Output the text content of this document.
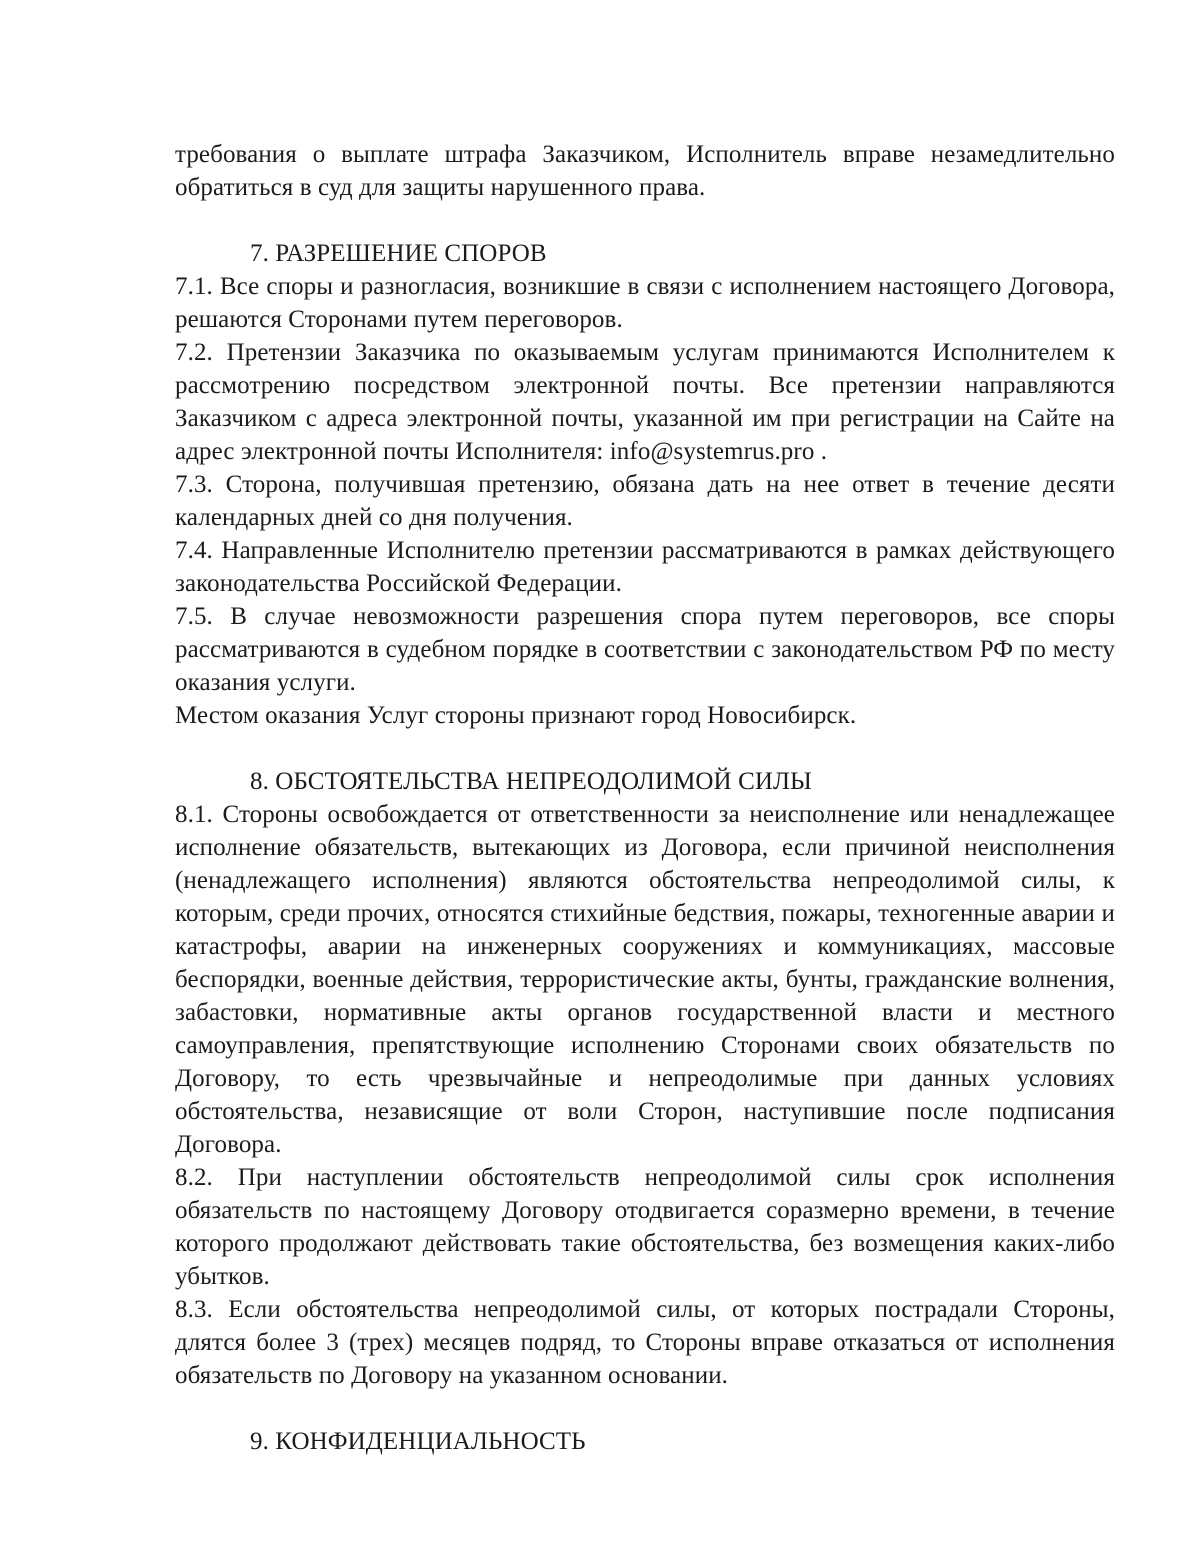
требования о выплате штрафа Заказчиком, Исполнитель вправе незамедлительно обратиться в суд для защиты нарушенного права.

7. РАЗРЕШЕНИЕ СПОРОВ

7.1. Все споры и разногласия, возникшие в связи с исполнением настоящего Договора, решаются Сторонами путем переговоров.

7.2. Претензии Заказчика по оказываемым услугам принимаются Исполнителем к рассмотрению посредством электронной почты. Все претензии направляются Заказчиком с адреса электронной почты, указанной им при регистрации на Сайте на адрес электронной почты Исполнителя: info@systemrus.pro .

7.3. Сторона, получившая претензию, обязана дать на нее ответ в течение десяти календарных дней со дня получения.

7.4. Направленные Исполнителю претензии рассматриваются в рамках действующего законодательства Российской Федерации.

7.5. В случае невозможности разрешения спора путем переговоров, все споры рассматриваются в судебном порядке в соответствии с законодательством РФ по месту оказания услуги.

Местом оказания Услуг стороны признают город Новосибирск.

8. ОБСТОЯТЕЛЬСТВА НЕПРЕОДОЛИМОЙ СИЛЫ

8.1. Стороны освобождается от ответственности за неисполнение или ненадлежащее исполнение обязательств, вытекающих из Договора, если причиной неисполнения (ненадлежащего исполнения) являются обстоятельства непреодолимой силы, к которым, среди прочих, относятся стихийные бедствия, пожары, техногенные аварии и катастрофы, аварии на инженерных сооружениях и коммуникациях, массовые беспорядки, военные действия, террористические акты, бунты, гражданские волнения, забастовки, нормативные акты органов государственной власти и местного самоуправления, препятствующие исполнению Сторонами своих обязательств по Договору, то есть чрезвычайные и непреодолимые при данных условиях обстоятельства, независящие от воли Сторон, наступившие после подписания Договора.

8.2. При наступлении обстоятельств непреодолимой силы срок исполнения обязательств по настоящему Договору отодвигается соразмерно времени, в течение которого продолжают действовать такие обстоятельства, без возмещения каких-либо убытков.

8.3. Если обстоятельства непреодолимой силы, от которых пострадали Стороны, длятся более 3 (трех) месяцев подряд, то Стороны вправе отказаться от исполнения обязательств по Договору на указанном основании.

9. КОНФИДЕНЦИАЛЬНОСТЬ
